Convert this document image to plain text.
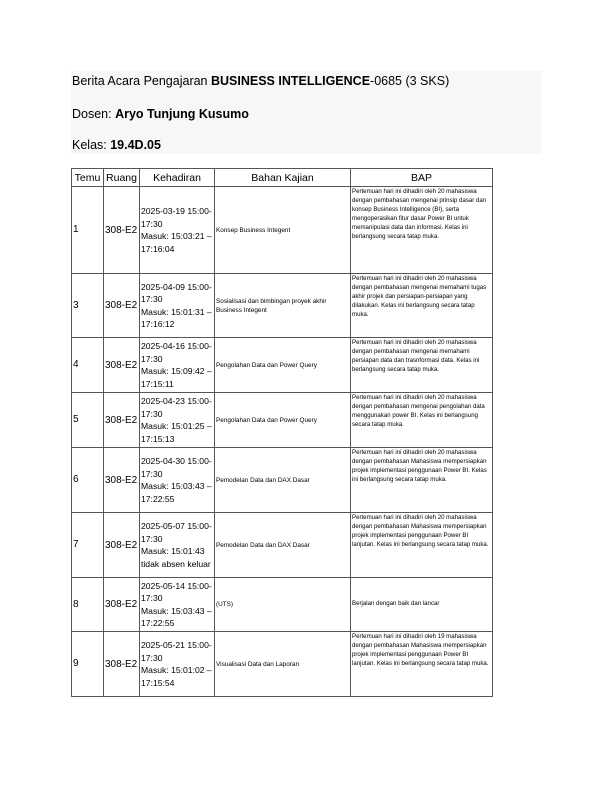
Berita Acara Pengajaran BUSINESS INTELLIGENCE-0685 (3 SKS)
Dosen: Aryo Tunjung Kusumo
Kelas: 19.4D.05
Temu	Ruang	Kehadiran	Bahan Kajian	BAP
1	308-E2	2025-03-19 15:00-17:30
Masuk: 15:03:21 – 17:16:04	Konsep Business Integent	Pertemuan hari ini dihadiri oleh 20 mahasiswa dengan pembahasan mengenai prinsip dasar dan konsep Business Intelligence (BI), serta mengoperasikan fitur dasar Power BI untuk memanipulasi data dan informasi. Kelas ini berlangsung secara tatap muka.
3	308-E2	2025-04-09 15:00-17:30
Masuk: 15:01:31 – 17:16:12	Sosialisasi dan bimbingan proyek akhir Business Integent	Pertemuan hari ini dihadiri oleh 20 mahasiswa dengan pembahasan mengenai memahami tugas akhir projek dan persiapan-persiapan yang dilakukan. Kelas ini berlangsung secara tatap muka.
4	308-E2	2025-04-16 15:00-17:30
Masuk: 15:09:42 – 17:15:11	Pengolahan Data dan Power Query	Pertemuan hari ini dihadiri oleh 20 mahasiswa dengan pembahasan mengenai memahami persiapan data dan trasnformasi data. Kelas ini berlangsung secara tatap muka.
5	308-E2	2025-04-23 15:00-17:30
Masuk: 15:01:25 – 17:15:13	Pengolahan Data dan Power Query	Pertemuan hari ini dihadiri oleh 20 mahasiswa dengan pembahasan mengenai pengolahan data menggunakan power BI. Kelas ini berlangsung secara tatap muka.
6	308-E2	2025-04-30 15:00-17:30
Masuk: 15:03:43 – 17:22:55	Pemodelan Data dan DAX Dasar	Pertemuan hari ini dihadiri oleh 20 mahasiswa dengan pembahasan Mahasiswa mempersiapkan projek implementasi penggunaan Power BI. Kelas ini berlangsung secara tatap muka.
7	308-E2	2025-05-07 15:00-17:30
Masuk: 15:01:43
tidak absen keluar	Pemodelan Data dan DAX Dasar	Pertemuan hari ini dihadiri oleh 20 mahasiswa dengan pembahasan Mahasiswa mempersiapkan projek implementasi penggunaan Power BI lanjutan. Kelas ini berlangsung secara tatap muka.
8	308-E2	2025-05-14 15:00-17:30
Masuk: 15:03:43 – 17:22:55	(UTS)	Berjalan dengan baik dan lancar
9	308-E2	2025-05-21 15:00-17:30
Masuk: 15:01:02 – 17:15:54	Visualisasi Data dan Laporan	Pertemuan hari ini dihadiri oleh 19 mahasiswa dengan pembahasan Mahasiswa mempersiapkan projek implementasi penggunaan Power BI lanjutan. Kelas ini berlangsung secara tatap muka.
